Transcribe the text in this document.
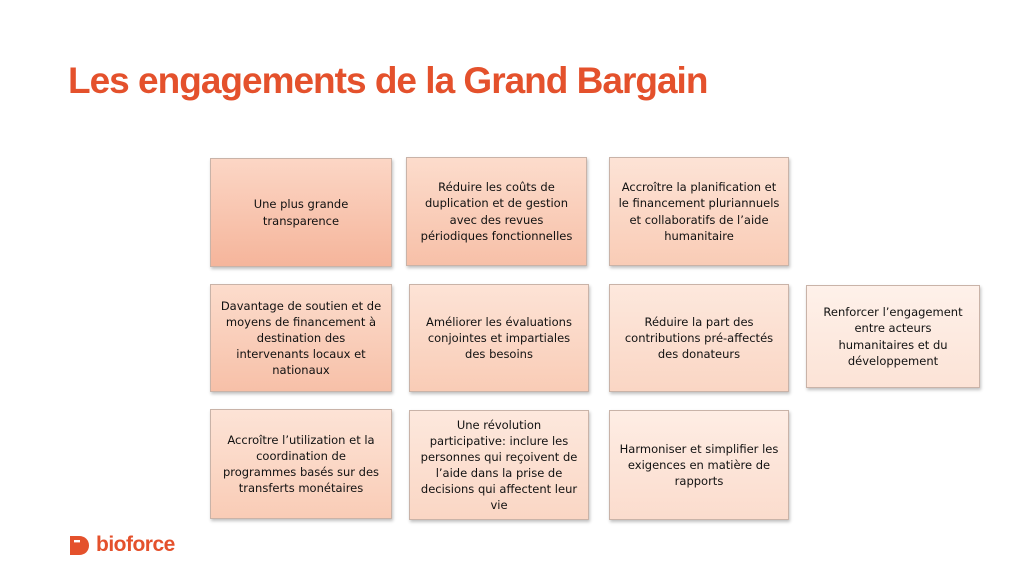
Les engagements de la Grand Bargain
Une plus grande transparence
Réduire les coûts de duplication et de gestion avec des revues périodiques fonctionnelles
Accroître la planification et le financement pluriannuels et collaboratifs de l’aide humanitaire
Davantage de soutien et de moyens de financement à destination des intervenants locaux et nationaux
Améliorer les évaluations conjointes et impartiales des besoins
Réduire la part des contributions pré-affectés des donateurs
Renforcer l’engagement entre acteurs humanitaires et du développement
Accroître l’utilization et la coordination de programmes basés sur des transferts monétaires
Une révolution participative: inclure les personnes qui reçoivent de l’aide dans la prise de decisions qui affectent leur vie
Harmoniser et simplifier les exigences en matière de rapports
bioforce
